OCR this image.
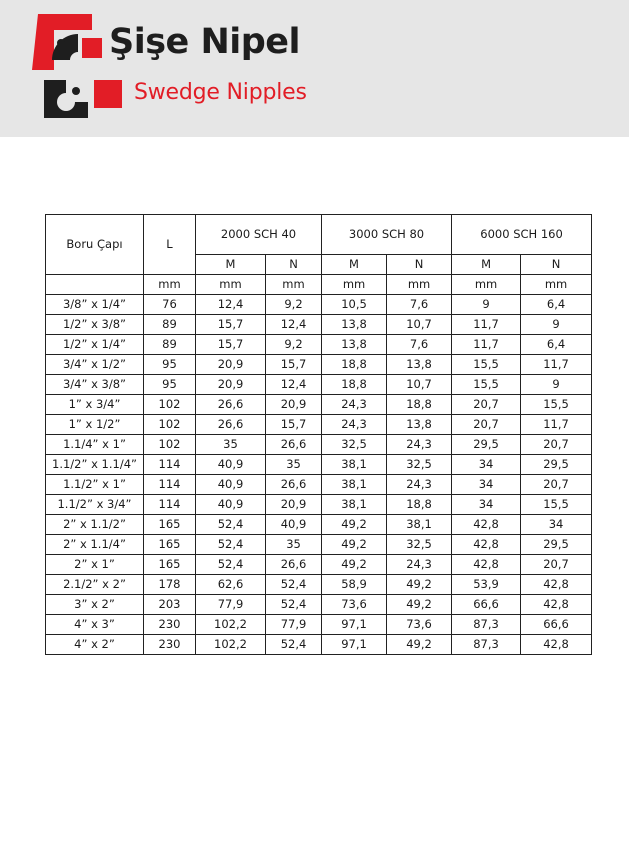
Şişe Nipel
Swedge Nipples
Boru Çapı	L	2000 SCH 40		3000 SCH 80		6000 SCH 160	
		M	N	M	N	M	N
	mm	mm	mm	mm	mm	mm	mm
3/8” x 1/4”	76	12,4	9,2	10,5	7,6	9	6,4
1/2” x 3/8”	89	15,7	12,4	13,8	10,7	11,7	9
1/2” x 1/4”	89	15,7	9,2	13,8	7,6	11,7	6,4
3/4” x 1/2”	95	20,9	15,7	18,8	13,8	15,5	11,7
3/4” x 3/8”	95	20,9	12,4	18,8	10,7	15,5	9
1” x 3/4”	102	26,6	20,9	24,3	18,8	20,7	15,5
1” x 1/2”	102	26,6	15,7	24,3	13,8	20,7	11,7
1.1/4” x 1”	102	35	26,6	32,5	24,3	29,5	20,7
1.1/2” x 1.1/4”	114	40,9	35	38,1	32,5	34	29,5
1.1/2” x 1”	114	40,9	26,6	38,1	24,3	34	20,7
1.1/2” x 3/4”	114	40,9	20,9	38,1	18,8	34	15,5
2” x 1.1/2”	165	52,4	40,9	49,2	38,1	42,8	34
2” x 1.1/4”	165	52,4	35	49,2	32,5	42,8	29,5
2” x 1”	165	52,4	26,6	49,2	24,3	42,8	20,7
2.1/2” x 2”	178	62,6	52,4	58,9	49,2	53,9	42,8
3” x 2”	203	77,9	52,4	73,6	49,2	66,6	42,8
4” x 3”	230	102,2	77,9	97,1	73,6	87,3	66,6
4” x 2”	230	102,2	52,4	97,1	49,2	87,3	42,8
